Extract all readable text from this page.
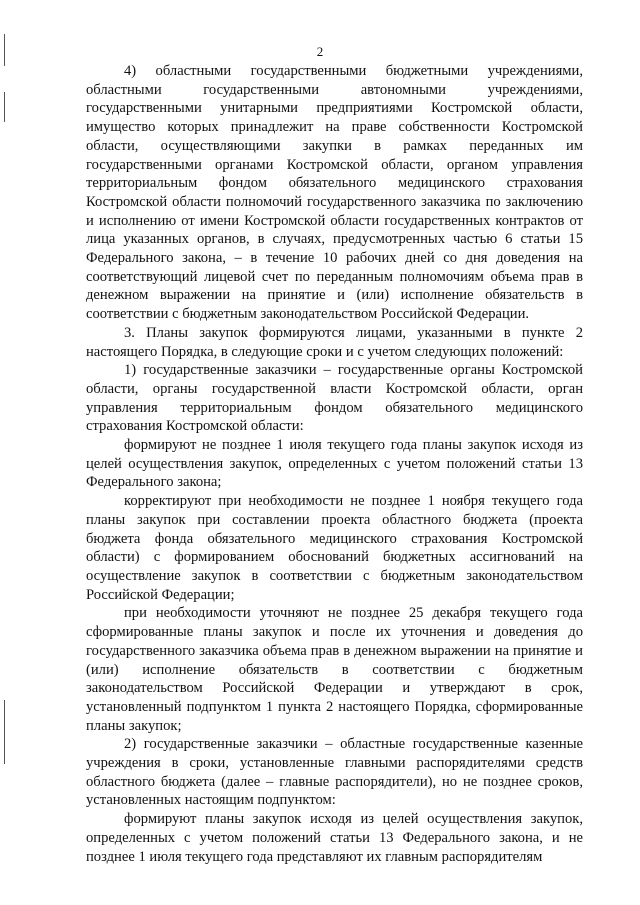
2

4) областными государственными бюджетными учреждениями, областными государственными автономными учреждениями, государственными унитарными предприятиями Костромской области, имущество которых принадлежит на праве собственности Костромской области, осуществляющими закупки в рамках переданных им государственными органами Костромской области, органом управления территориальным фондом обязательного медицинского страхования Костромской области полномочий государственного заказчика по заключению и исполнению от имени Костромской области государственных контрактов от лица указанных органов, в случаях, предусмотренных частью 6 статьи 15 Федерального закона, – в течение 10 рабочих дней со дня доведения на соответствующий лицевой счет по переданным полномочиям объема прав в денежном выражении на принятие и (или) исполнение обязательств в соответствии с бюджетным законодательством Российской Федерации.

3. Планы закупок формируются лицами, указанными в пункте 2 настоящего Порядка, в следующие сроки и с учетом следующих положений:

1) государственные заказчики – государственные органы Костромской области, органы государственной власти Костромской области, орган управления территориальным фондом обязательного медицинского страхования Костромской области:

формируют не позднее 1 июля текущего года планы закупок исходя из целей осуществления закупок, определенных с учетом положений статьи 13 Федерального закона;

корректируют при необходимости не позднее 1 ноября текущего года планы закупок при составлении проекта областного бюджета (проекта бюджета фонда обязательного медицинского страхования Костромской области) с формированием обоснований бюджетных ассигнований на осуществление закупок в соответствии с бюджетным законодательством Российской Федерации;

при необходимости уточняют не позднее 25 декабря текущего года сформированные планы закупок и после их уточнения и доведения до государственного заказчика объема прав в денежном выражении на принятие и (или) исполнение обязательств в соответствии с бюджетным законодательством Российской Федерации и утверждают в срок, установленный подпунктом 1 пункта 2 настоящего Порядка, сформированные планы закупок;

2) государственные заказчики – областные государственные казенные учреждения в сроки, установленные главными распорядителями средств областного бюджета (далее – главные распорядители), но не позднее сроков, установленных настоящим подпунктом:

формируют планы закупок исходя из целей осуществления закупок, определенных с учетом положений статьи 13 Федерального закона, и не позднее 1 июля текущего года представляют их главным распорядителям
